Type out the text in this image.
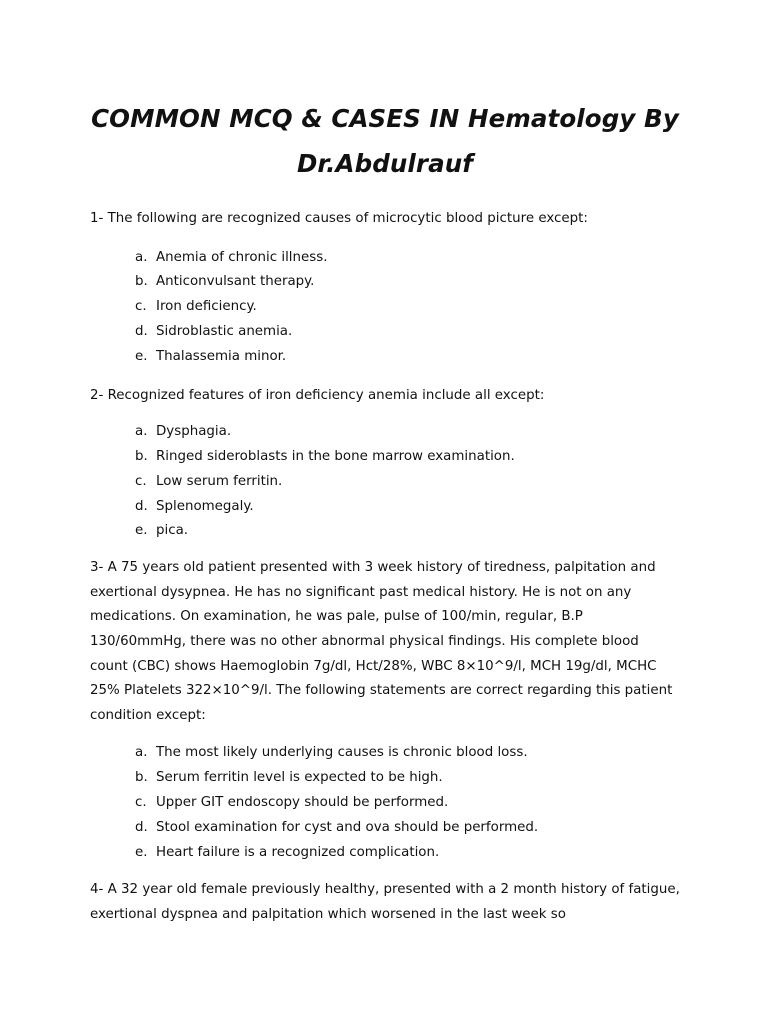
COMMON MCQ & CASES IN Hematology By
Dr.Abdulrauf

1- The following are recognized causes of microcytic blood picture except:

a. Anemia of chronic illness.
b. Anticonvulsant therapy.
c. Iron deficiency.
d. Sidroblastic anemia.
e. Thalassemia minor.

2- Recognized features of iron deficiency anemia include all except:

a. Dysphagia.
b. Ringed sideroblasts in the bone marrow examination.
c. Low serum ferritin.
d. Splenomegaly.
e. pica.

3- A 75 years old patient presented with 3 week history of tiredness, palpitation and exertional dysypnea. He has no significant past medical history. He is not on any medications. On examination, he was pale, pulse of 100/min, regular, B.P 130/60mmHg, there was no other abnormal physical findings. His complete blood count (CBC) shows Haemoglobin 7g/dl, Hct/28%, WBC 8×10^9/l, MCH 19g/dl, MCHC 25% Platelets 322×10^9/l. The following statements are correct regarding this patient condition except:

a. The most likely underlying causes is chronic blood loss.
b. Serum ferritin level is expected to be high.
c. Upper GIT endoscopy should be performed.
d. Stool examination for cyst and ova should be performed.
e. Heart failure is a recognized complication.

4- A 32 year old female previously healthy, presented with a 2 month history of fatigue, exertional dyspnea and palpitation which worsened in the last week so
